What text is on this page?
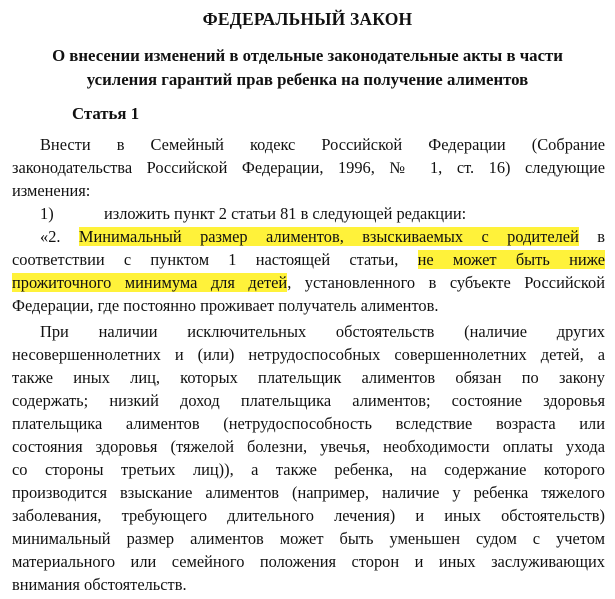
ФЕДЕРАЛЬНЫЙ ЗАКОН
О внесении изменений в отдельные законодательные акты в части
усиления гарантий прав ребенка на получение алиментов
Статья 1
Внести в Семейный кодекс Российской Федерации (Собрание
законодательства Российской Федерации, 1996, № 1, ст. 16) следующие
изменения:
1)	изложить пункт 2 статьи 81 в следующей редакции:
«2. Минимальный размер алиментов, взыскиваемых с родителей в
соответствии с пунктом 1 настоящей статьи, не может быть ниже
прожиточного минимума для детей, установленного в субъекте Российской
Федерации, где постоянно проживает получатель алиментов.
При наличии исключительных обстоятельств (наличие других
несовершеннолетних и (или) нетрудоспособных совершеннолетних детей, а
также иных лиц, которых плательщик алиментов обязан по закону
содержать; низкий доход плательщика алиментов; состояние здоровья
плательщика алиментов (нетрудоспособность вследствие возраста или
состояния здоровья (тяжелой болезни, увечья, необходимости оплаты ухода
со стороны третьих лиц)), а также ребенка, на содержание которого
производится взыскание алиментов (например, наличие у ребенка тяжелого
заболевания, требующего длительного лечения) и иных обстоятельств)
минимальный размер алиментов может быть уменьшен судом с учетом
материального или семейного положения сторон и иных заслуживающих
внимания обстоятельств.
